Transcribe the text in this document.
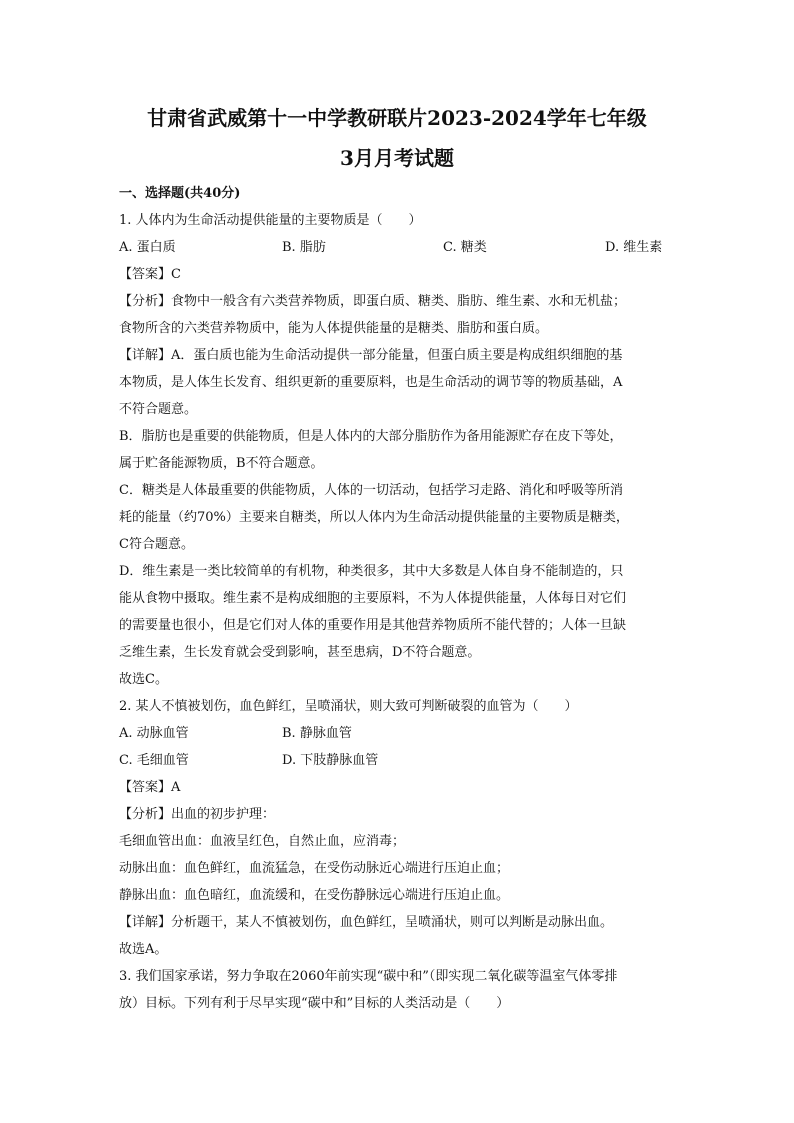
甘肃省武威第十一中学教研联片2023-2024学年七年级
3月月考试题
一、选择题(共40分)
1. 人体内为生命活动提供能量的主要物质是（　　）
A. 蛋白质	B. 脂肪	C. 糖类	D. 维生素
【答案】C
【分析】食物中一般含有六类营养物质，即蛋白质、糖类、脂肪、维生素、水和无机盐；
食物所含的六类营养物质中，能为人体提供能量的是糖类、脂肪和蛋白质。
【详解】A．蛋白质也能为生命活动提供一部分能量，但蛋白质主要是构成组织细胞的基
本物质，是人体生长发育、组织更新的重要原料，也是生命活动的调节等的物质基础，A
不符合题意。
B．脂肪也是重要的供能物质，但是人体内的大部分脂肪作为备用能源贮存在皮下等处，
属于贮备能源物质，B不符合题意。
C．糖类是人体最重要的供能物质，人体的一切活动，包括学习走路、消化和呼吸等所消
耗的能量（约70%）主要来自糖类，所以人体内为生命活动提供能量的主要物质是糖类，
C符合题意。
D．维生素是一类比较简单的有机物，种类很多，其中大多数是人体自身不能制造的，只
能从食物中摄取。维生素不是构成细胞的主要原料，不为人体提供能量，人体每日对它们
的需要量也很小，但是它们对人体的重要作用是其他营养物质所不能代替的；人体一旦缺
乏维生素，生长发育就会受到影响，甚至患病，D不符合题意。
故选C。
2. 某人不慎被划伤，血色鲜红，呈喷涌状，则大致可判断破裂的血管为（　　）
A. 动脉血管	B. 静脉血管
C. 毛细血管	D. 下肢静脉血管
【答案】A
【分析】出血的初步护理：
毛细血管出血：血液呈红色，自然止血，应消毒；
动脉出血：血色鲜红，血流猛急，在受伤动脉近心端进行压迫止血；
静脉出血：血色暗红，血流缓和，在受伤静脉远心端进行压迫止血。
【详解】分析题干，某人不慎被划伤，血色鲜红，呈喷涌状，则可以判断是动脉出血。
故选A。
3. 我们国家承诺，努力争取在2060年前实现“碳中和”（即实现二氧化碳等温室气体零排
放）目标。下列有利于尽早实现“碳中和”目标的人类活动是（　　）
